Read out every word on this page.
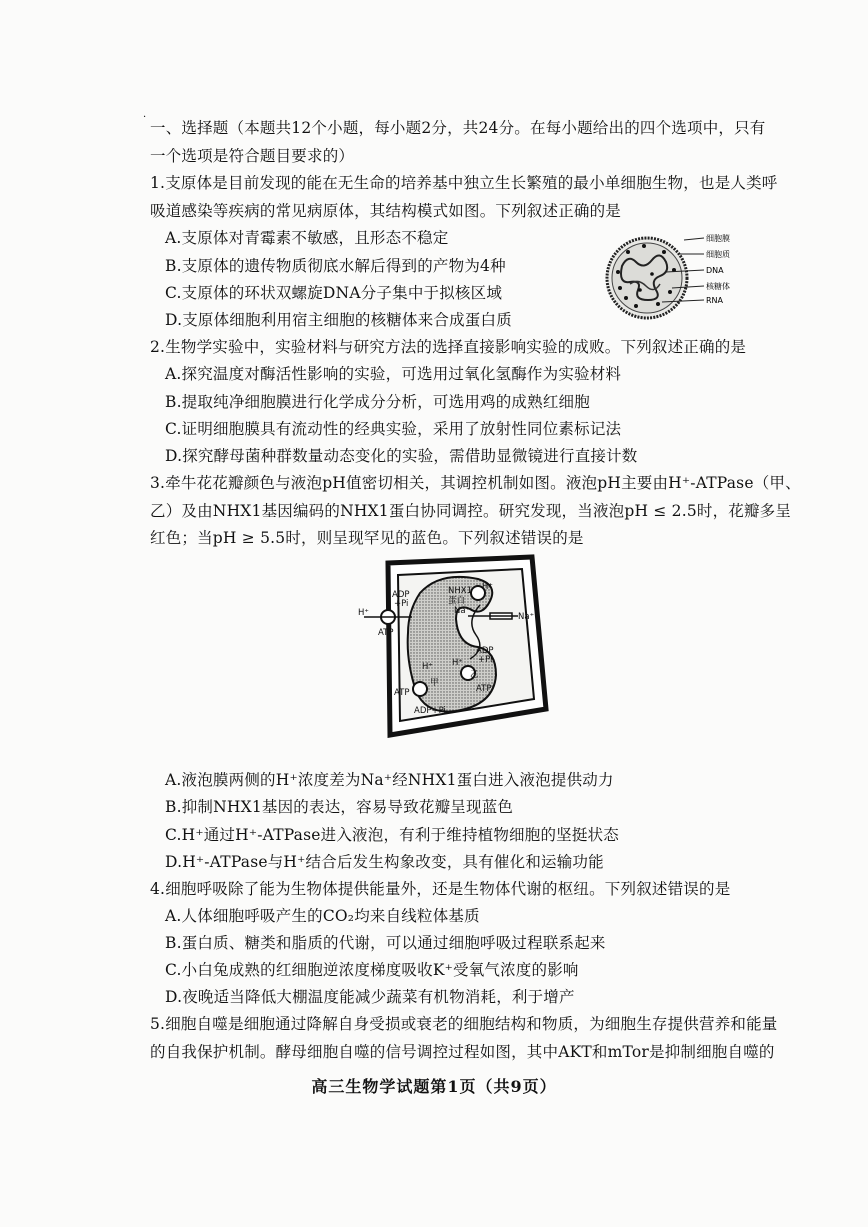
·
一、选择题（本题共12个小题，每小题2分，共24分。在每小题给出的四个选项中，只有
一个选项是符合题目要求的）
1.支原体是目前发现的能在无生命的培养基中独立生长繁殖的最小单细胞生物，也是人类呼
吸道感染等疾病的常见病原体，其结构模式如图。下列叙述正确的是
A.支原体对青霉素不敏感，且形态不稳定
B.支原体的遗传物质彻底水解后得到的产物为4种
C.支原体的环状双螺旋DNA分子集中于拟核区域
D.支原体细胞利用宿主细胞的核糖体来合成蛋白质
细胞膜
细胞质
DNA
核糖体
RNA
2.生物学实验中，实验材料与研究方法的选择直接影响实验的成败。下列叙述正确的是
A.探究温度对酶活性影响的实验，可选用过氧化氢酶作为实验材料
B.提取纯净细胞膜进行化学成分分析，可选用鸡的成熟红细胞
C.证明细胞膜具有流动性的经典实验，采用了放射性同位素标记法
D.探究酵母菌种群数量动态变化的实验，需借助显微镜进行直接计数
3.牵牛花花瓣颜色与液泡pH值密切相关，其调控机制如图。液泡pH主要由H⁺-ATPase（甲、
乙）及由NHX1基因编码的NHX1蛋白协同调控。研究发现，当液泡pH ≤ 2.5时，花瓣多呈
红色；当pH ≥ 5.5时，则呈现罕见的蓝色。下列叙述错误的是
H⁺
ADP
+Pi
ATP
NHX1
蛋白
H⁺
Na⁺
Na⁺
ADP
+Pi
ATP
H⁺ H⁺
甲
乙
ATP
ADP+Pi
A.液泡膜两侧的H⁺浓度差为Na⁺经NHX1蛋白进入液泡提供动力
B.抑制NHX1基因的表达，容易导致花瓣呈现蓝色
C.H⁺通过H⁺-ATPase进入液泡，有利于维持植物细胞的坚挺状态
D.H⁺-ATPase与H⁺结合后发生构象改变，具有催化和运输功能
4.细胞呼吸除了能为生物体提供能量外，还是生物体代谢的枢纽。下列叙述错误的是
A.人体细胞呼吸产生的CO₂均来自线粒体基质
B.蛋白质、糖类和脂质的代谢，可以通过细胞呼吸过程联系起来
C.小白兔成熟的红细胞逆浓度梯度吸收K⁺受氧气浓度的影响
D.夜晚适当降低大棚温度能减少蔬菜有机物消耗，利于增产
5.细胞自噬是细胞通过降解自身受损或衰老的细胞结构和物质，为细胞生存提供营养和能量
的自我保护机制。酵母细胞自噬的信号调控过程如图，其中AKT和mTor是抑制细胞自噬的
高三生物学试题第1页（共9页）
